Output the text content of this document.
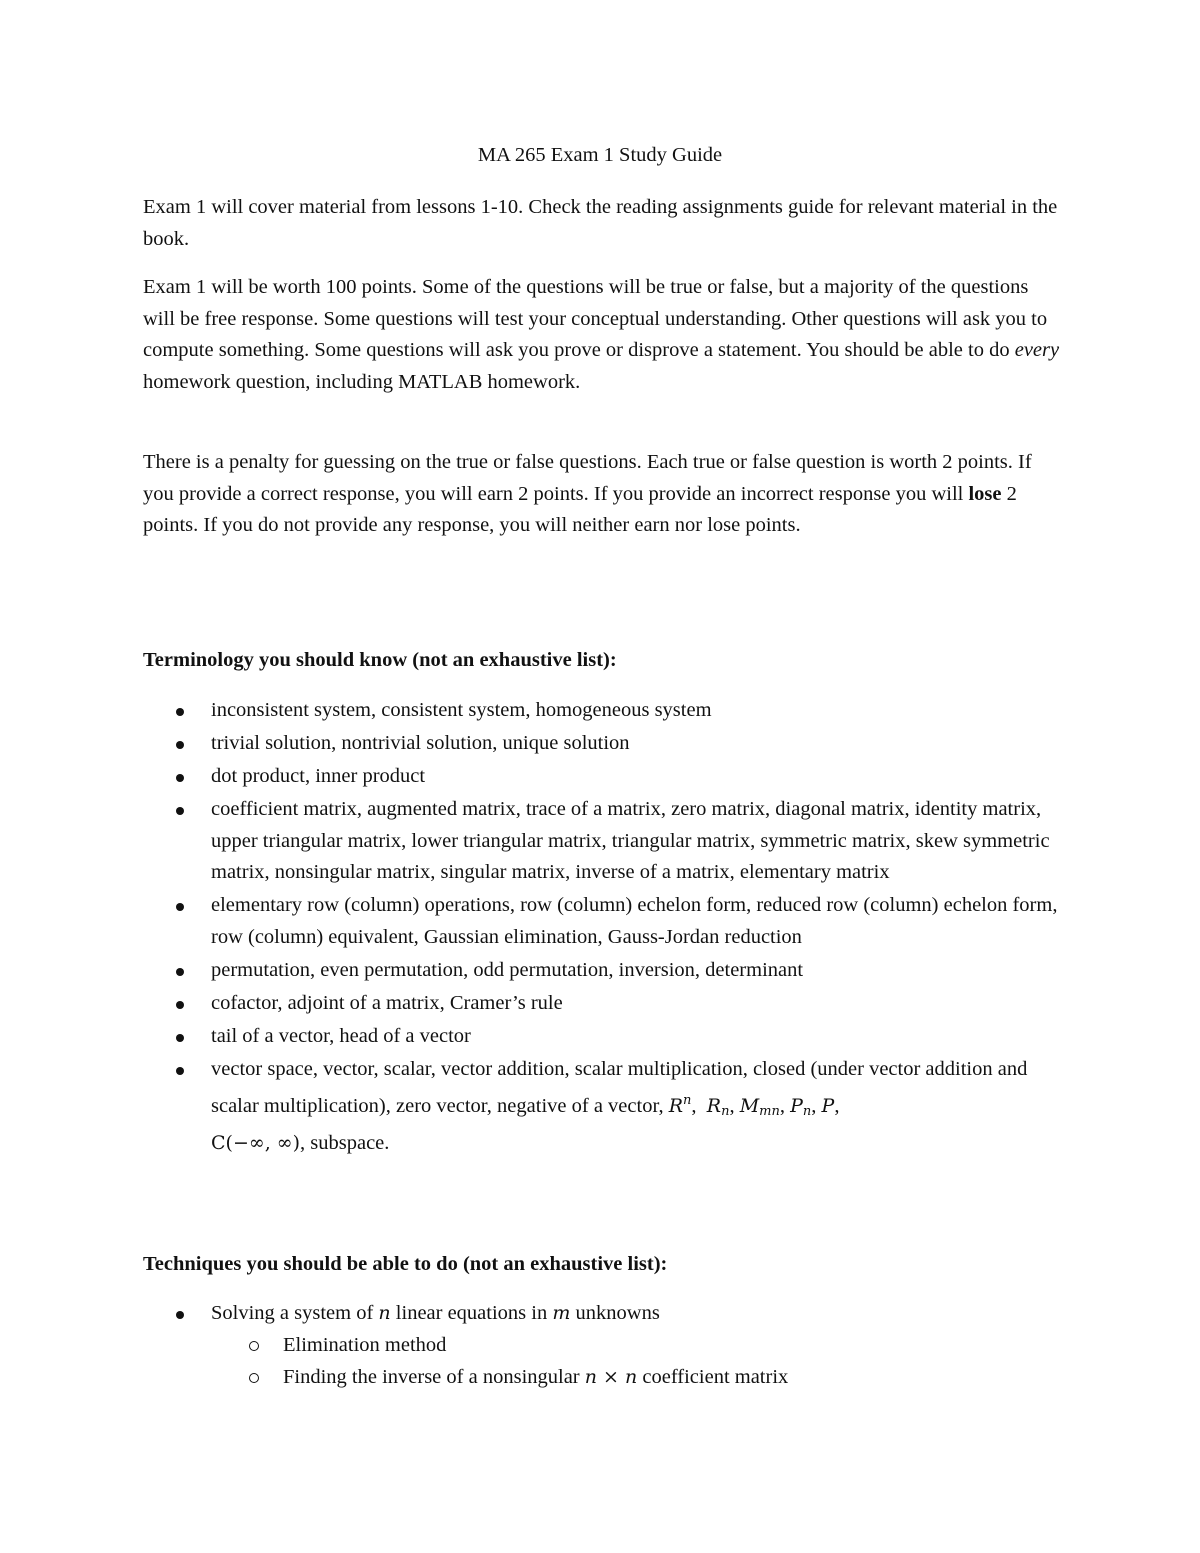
MA 265 Exam 1 Study Guide

Exam 1 will cover material from lessons 1-10. Check the reading assignments guide for relevant material in the book.

Exam 1 will be worth 100 points. Some of the questions will be true or false, but a majority of the questions will be free response. Some questions will test your conceptual understanding. Other questions will ask you to compute something. Some questions will ask you prove or disprove a statement. You should be able to do every homework question, including MATLAB homework.

There is a penalty for guessing on the true or false questions. Each true or false question is worth 2 points. If you provide a correct response, you will earn 2 points. If you provide an incorrect response you will lose 2 points. If you do not provide any response, you will neither earn nor lose points.

Terminology you should know (not an exhaustive list):
inconsistent system, consistent system, homogeneous system
trivial solution, nontrivial solution, unique solution
dot product, inner product
coefficient matrix, augmented matrix, trace of a matrix, zero matrix, diagonal matrix, identity matrix, upper triangular matrix, lower triangular matrix, triangular matrix, symmetric matrix, skew symmetric matrix, nonsingular matrix, singular matrix, inverse of a matrix, elementary matrix
elementary row (column) operations, row (column) echelon form, reduced row (column) echelon form, row (column) equivalent, Gaussian elimination, Gauss-Jordan reduction
permutation, even permutation, odd permutation, inversion, determinant
cofactor, adjoint of a matrix, Cramer’s rule
tail of a vector, head of a vector
vector space, vector, scalar, vector addition, scalar multiplication, closed (under vector addition and scalar multiplication), zero vector, negative of a vector, $R^n$,  $R_n$, $M_{mn}$, $P_n$, P,
C(−∞, ∞), subspace.
Techniques you should be able to do (not an exhaustive list):
Solving a system of n linear equations in m unknowns
Elimination method
Finding the inverse of a nonsingular n × n coefficient matrix
